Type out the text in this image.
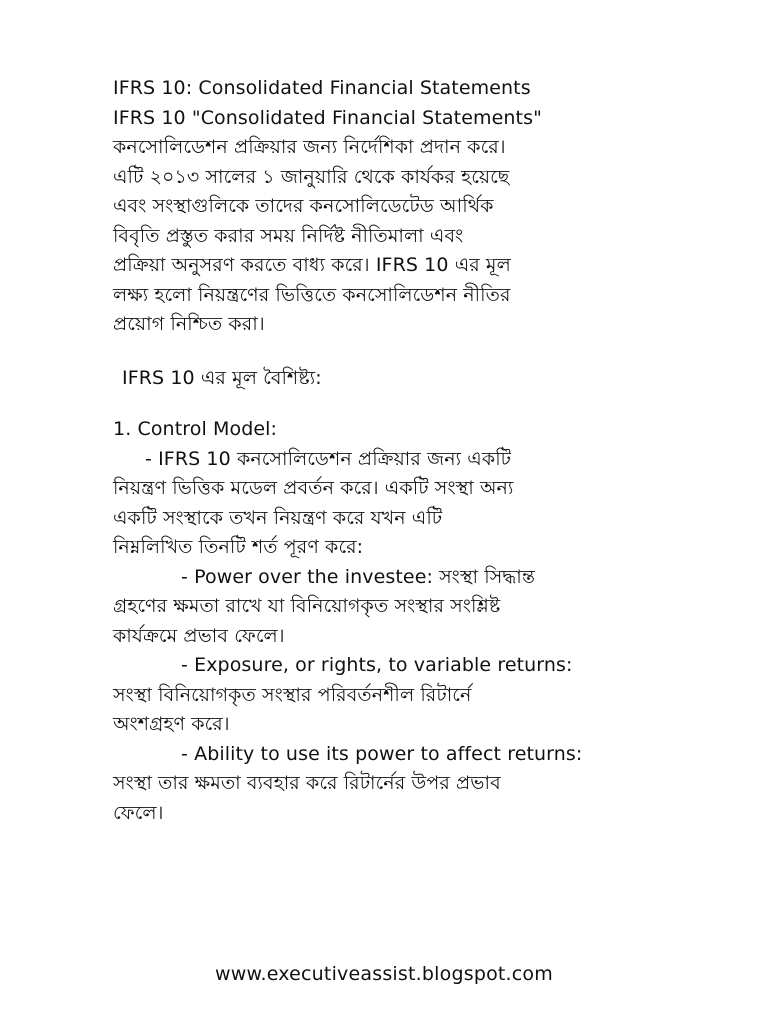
IFRS 10: Consolidated Financial Statements
IFRS 10 "Consolidated Financial Statements"
কনসোলিডেশন প্রক্রিয়ার জন্য নির্দেশিকা প্রদান করে।
এটি ২০১৩ সালের ১ জানুয়ারি থেকে কার্যকর হয়েছে
এবং সংস্থাগুলিকে তাদের কনসোলিডেটেড আর্থিক
বিবৃতি প্রস্তুত করার সময় নির্দিষ্ট নীতিমালা এবং
প্রক্রিয়া অনুসরণ করতে বাধ্য করে। IFRS 10 এর মূল
লক্ষ্য হলো নিয়ন্ত্রণের ভিত্তিতে কনসোলিডেশন নীতির
প্রয়োগ নিশ্চিত করা।
IFRS 10 এর মূল বৈশিষ্ট্য:
1. Control Model:
- IFRS 10 কনসোলিডেশন প্রক্রিয়ার জন্য একটি
নিয়ন্ত্রণ ভিত্তিক মডেল প্রবর্তন করে। একটি সংস্থা অন্য
একটি সংস্থাকে তখন নিয়ন্ত্রণ করে যখন এটি
নিম্নলিখিত তিনটি শর্ত পূরণ করে:
- Power over the investee: সংস্থা সিদ্ধান্ত
গ্রহণের ক্ষমতা রাখে যা বিনিয়োগকৃত সংস্থার সংশ্লিষ্ট
কার্যক্রমে প্রভাব ফেলে।
- Exposure, or rights, to variable returns:
সংস্থা বিনিয়োগকৃত সংস্থার পরিবর্তনশীল রিটার্নে
অংশগ্রহণ করে।
- Ability to use its power to affect returns:
সংস্থা তার ক্ষমতা ব্যবহার করে রিটার্নের উপর প্রভাব
ফেলে।
www.executiveassist.blogspot.com
